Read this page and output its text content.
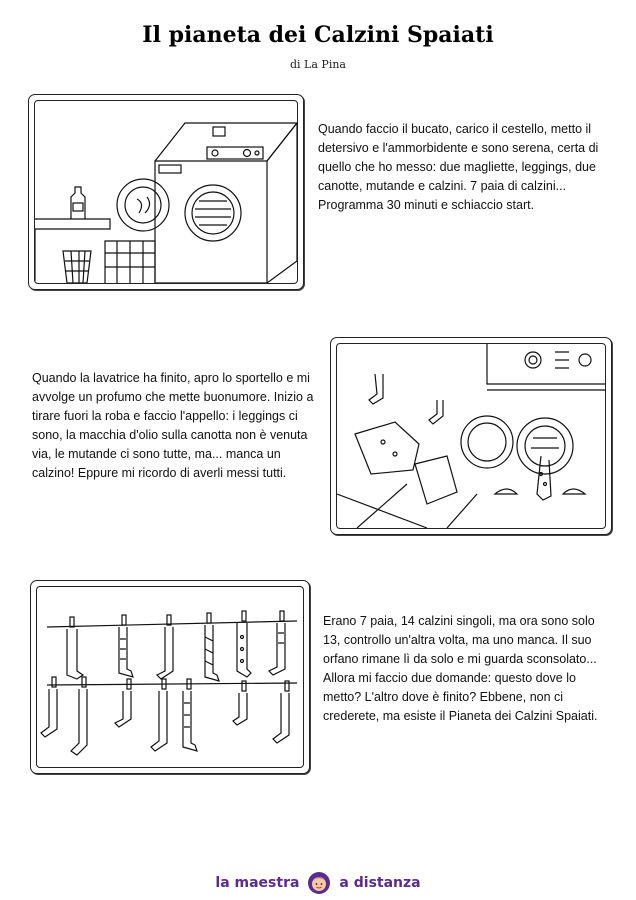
Il pianeta dei Calzini Spaiati
di La Pina
Quando faccio il bucato, carico il cestello, metto il detersivo e l'ammorbidente e sono serena, certa di quello che ho messo: due magliette, leggings, due canotte, mutande e calzini. 7 paia di calzini... Programma 30 minuti e schiaccio start.
Quando la lavatrice ha finito, apro lo sportello e mi avvolge un profumo che mette buonumore. Inizio a tirare fuori la roba e faccio l'appello: i leggings ci sono, la macchia d'olio sulla canotta non è venuta via, le mutande ci sono tutte, ma... manca un calzino! Eppure mi ricordo di averli messi tutti.
Erano 7 paia, 14 calzini singoli, ma ora sono solo 13, controllo un'altra volta, ma uno manca. Il suo orfano rimane lì da solo e mi guarda sconsolato... Allora mi faccio due domande: questo dove lo metto? L'altro dove è finito? Ebbene, non ci crederete, ma esiste il Pianeta dei Calzini Spaiati.
la maestra	a distanza
